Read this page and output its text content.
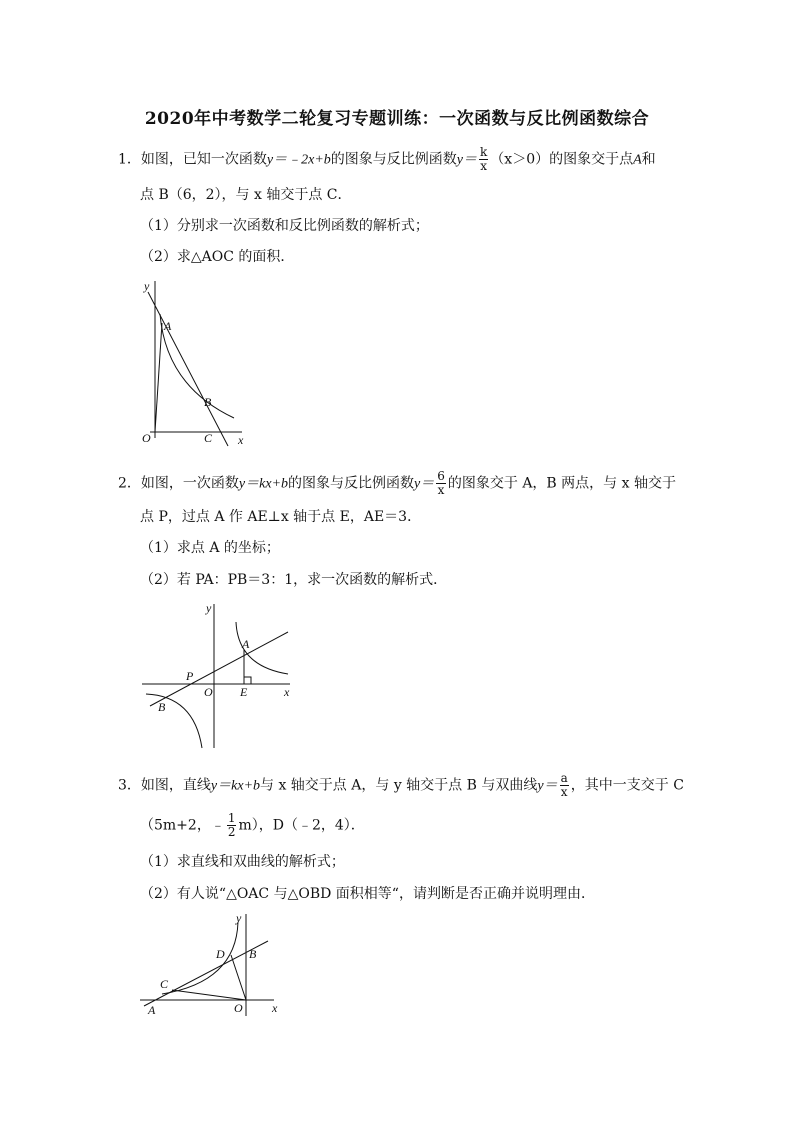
2020年中考数学二轮复习专题训练：一次函数与反比例函数综合
1．如图，已知一次函数y＝﹣2x+b的图象与反比例函数$y= \frac{k}{x} (x>0)$的图象交于点A和
点 B（6，2），与 x 轴交于点 C．
（1）分别求一次函数和反比例函数的解析式；
（2）求△AOC 的面积．
y
A
B
O	C x
2．如图，一次函数y＝kx+b的图象与反比例函数$y= \frac{6}{x}$ 的图象交于 A，B 两点，与 x 轴交于
点 P，过点 A 作 AE⊥x 轴于点 E，AE＝3．
（1）求点 A 的坐标；
（2）若 PA：PB＝3：1，求一次函数的解析式．
y
A
P
O E	x
B
3．如图，直线y＝kx+b与 x 轴交于点 A，与 y 轴交于点 B 与双曲线$y= \frac{a}{x}$ ，其中一支交于 C
（5m+2，﹣ $\frac{1}{2} m$），D（﹣2，4）．
（1）求直线和双曲线的解析式；
（2）有人说“△OAC 与△OBD 面积相等“，请判断是否正确并说明理由．
y
D B
C
A	O x
